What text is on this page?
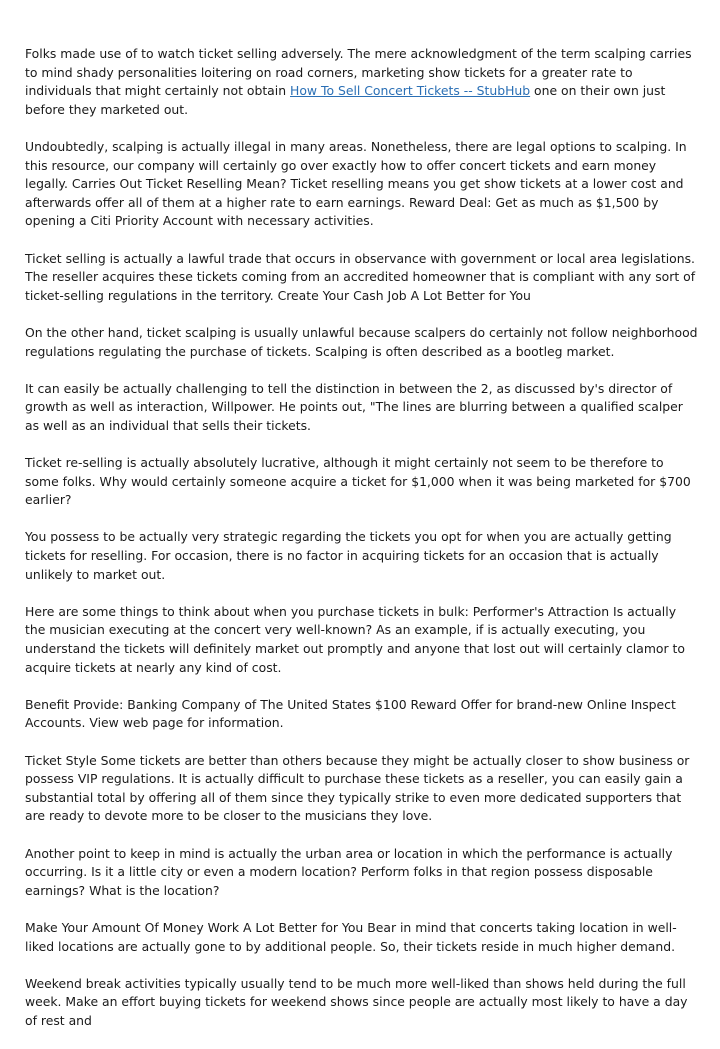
Folks made use of to watch ticket selling adversely. The mere acknowledgment of the term scalping carries to mind shady personalities loitering on road corners, marketing show tickets for a greater rate to individuals that might certainly not obtain How To Sell Concert Tickets -- StubHub one on their own just before they marketed out.

Undoubtedly, scalping is actually illegal in many areas. Nonetheless, there are legal options to scalping. In this resource, our company will certainly go over exactly how to offer concert tickets and earn money legally. Carries Out Ticket Reselling Mean? Ticket reselling means you get show tickets at a lower cost and afterwards offer all of them at a higher rate to earn earnings. Reward Deal: Get as much as $1,500 by opening a Citi Priority Account with necessary activities.

Ticket selling is actually a lawful trade that occurs in observance with government or local area legislations. The reseller acquires these tickets coming from an accredited homeowner that is compliant with any sort of ticket-selling regulations in the territory. Create Your Cash Job A Lot Better for You

On the other hand, ticket scalping is usually unlawful because scalpers do certainly not follow neighborhood regulations regulating the purchase of tickets. Scalping is often described as a bootleg market.

It can easily be actually challenging to tell the distinction in between the 2, as discussed by's director of growth as well as interaction, Willpower. He points out, "The lines are blurring between a qualified scalper as well as an individual that sells their tickets.

Ticket re-selling is actually absolutely lucrative, although it might certainly not seem to be therefore to some folks. Why would certainly someone acquire a ticket for $1,000 when it was being marketed for $700 earlier?

You possess to be actually very strategic regarding the tickets you opt for when you are actually getting tickets for reselling. For occasion, there is no factor in acquiring tickets for an occasion that is actually unlikely to market out.

Here are some things to think about when you purchase tickets in bulk: Performer's Attraction Is actually the musician executing at the concert very well-known? As an example, if is actually executing, you understand the tickets will definitely market out promptly and anyone that lost out will certainly clamor to acquire tickets at nearly any kind of cost.

Benefit Provide: Banking Company of The United States $100 Reward Offer for brand-new Online Inspect Accounts. View web page for information.

Ticket Style Some tickets are better than others because they might be actually closer to show business or possess VIP regulations. It is actually difficult to purchase these tickets as a reseller, you can easily gain a substantial total by offering all of them since they typically strike to even more dedicated supporters that are ready to devote more to be closer to the musicians they love.

Another point to keep in mind is actually the urban area or location in which the performance is actually occurring. Is it a little city or even a modern location? Perform folks in that region possess disposable earnings? What is the location?

Make Your Amount Of Money Work A Lot Better for You Bear in mind that concerts taking location in well-liked locations are actually gone to by additional people. So, their tickets reside in much higher demand.

Weekend break activities typically usually tend to be much more well-liked than shows held during the full week. Make an effort buying tickets for weekend shows since people are actually most likely to have a day of rest and
